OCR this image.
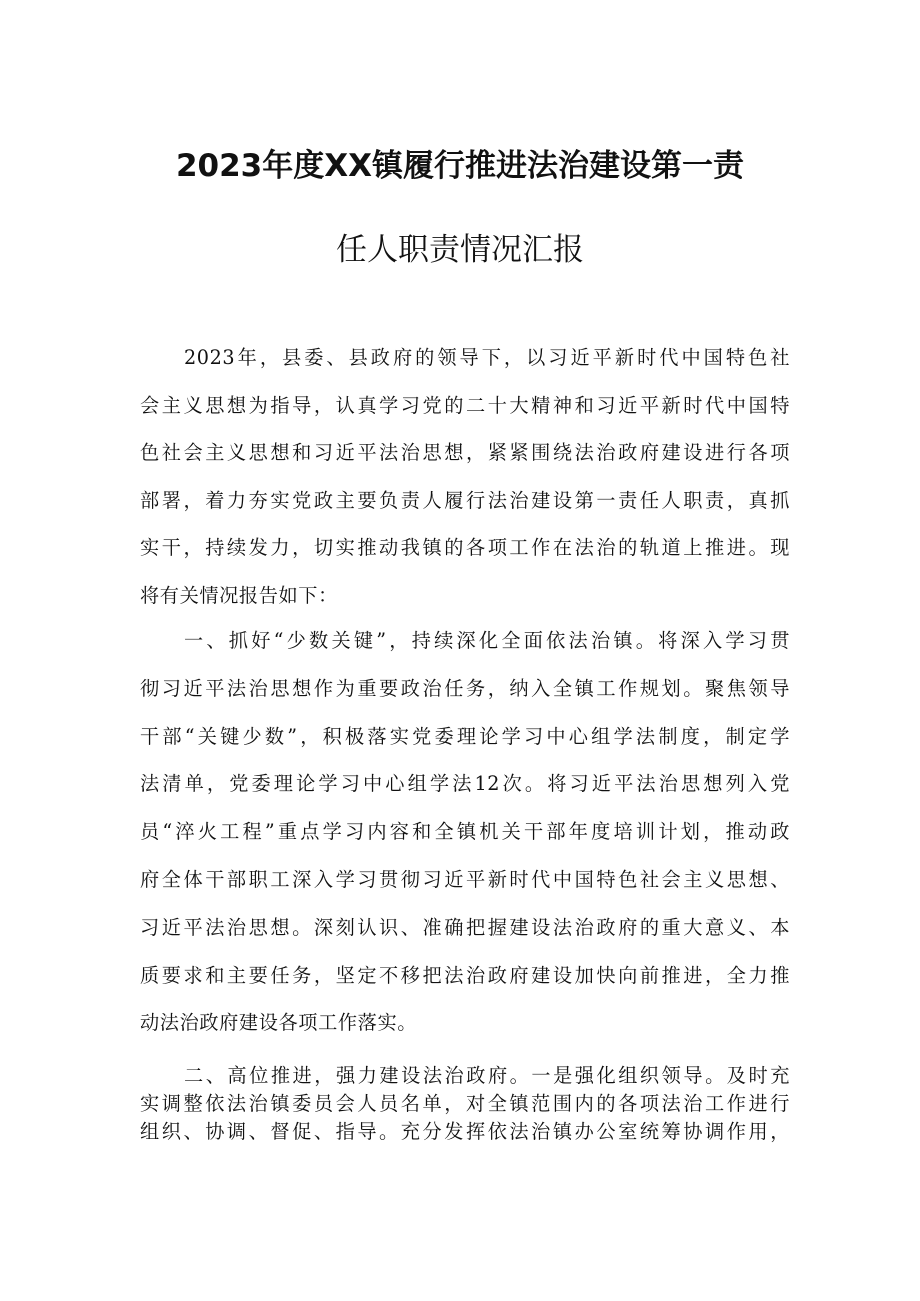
2023年度XX镇履行推进法治建设第一责
任人职责情况汇报
2023年，县委、县政府的领导下，以习近平新时代中国特色社
会主义思想为指导，认真学习党的二十大精神和习近平新时代中国特
色社会主义思想和习近平法治思想，紧紧围绕法治政府建设进行各项
部署，着力夯实党政主要负责人履行法治建设第一责任人职责，真抓
实干，持续发力，切实推动我镇的各项工作在法治的轨道上推进。现
将有关情况报告如下：
一、抓好“少数关键”，持续深化全面依法治镇。将深入学习贯
彻习近平法治思想作为重要政治任务，纳入全镇工作规划。聚焦领导
干部“关键少数”，积极落实党委理论学习中心组学法制度，制定学
法清单，党委理论学习中心组学法12次。将习近平法治思想列入党
员“淬火工程”重点学习内容和全镇机关干部年度培训计划，推动政
府全体干部职工深入学习贯彻习近平新时代中国特色社会主义思想、
习近平法治思想。深刻认识、准确把握建设法治政府的重大意义、本
质要求和主要任务，坚定不移把法治政府建设加快向前推进，全力推
动法治政府建设各项工作落实。
二、高位推进，强力建设法治政府。一是强化组织领导。及时充
实调整依法治镇委员会人员名单，对全镇范围内的各项法治工作进行
组织、协调、督促、指导。充分发挥依法治镇办公室统筹协调作用，
